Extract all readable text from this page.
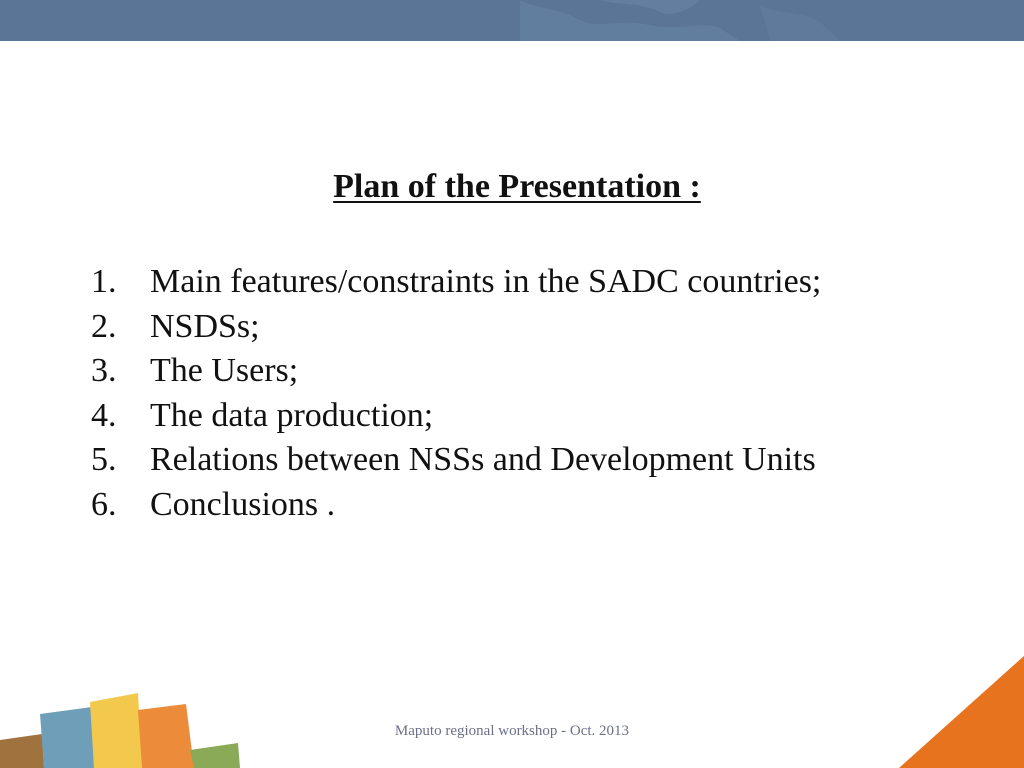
Plan of the Presentation :
1. Main features/constraints in the SADC countries;
2. NSDSs;
3. The Users;
4. The data production;
5. Relations between NSSs and Development Units
6. Conclusions .
Maputo regional workshop - Oct. 2013
